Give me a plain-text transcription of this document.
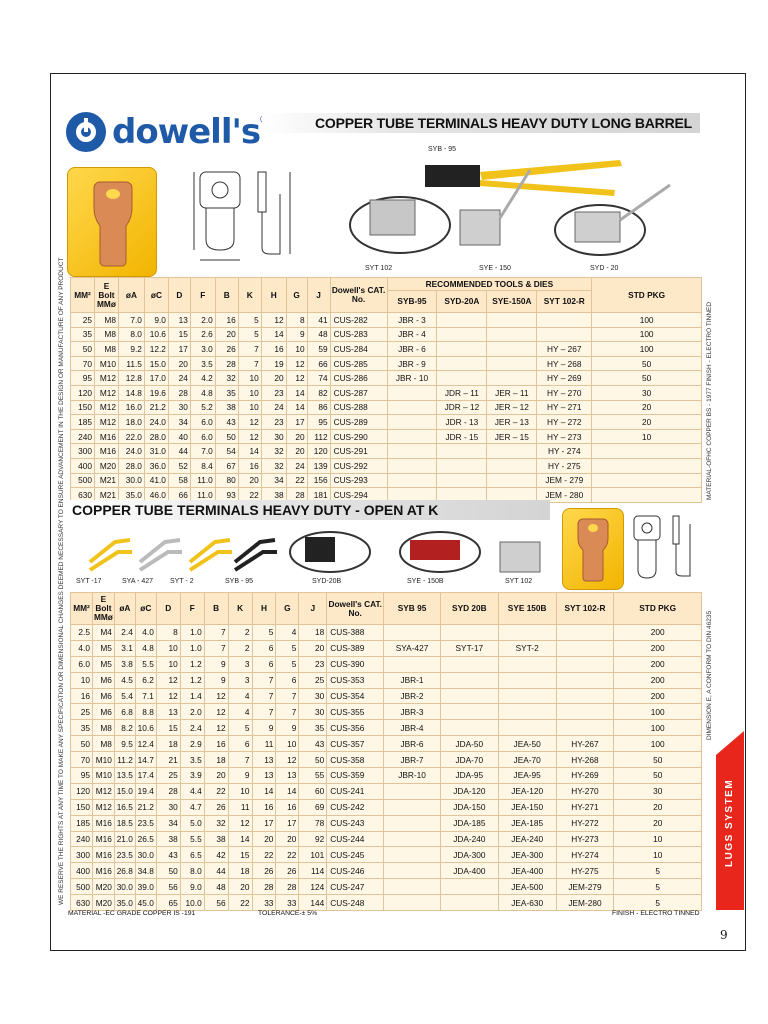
dowell's	COPPER TUBE TERMINALS HEAVY DUTY LONG BARREL
SYB - 95
SYT 102	SYE - 150	SYD - 20
MM²	E Bolt MMø	øA	øC	D	F	B	K	H	G	J	Dowell's CAT. No.	RECOMMENDED TOOLS & DIES				STD PKG
												SYB-95	SYD-20A	SYE-150A	SYT 102-R	
25	M8	7.0	9.0	13	2.0	16	5	12	8	41	CUS-282	JBR - 3				100
35	M8	8.0	10.6	15	2.6	20	5	14	9	48	CUS-283	JBR - 4				100
50	M8	9.2	12.2	17	3.0	26	7	16	10	59	CUS-284	JBR - 6			HY – 267	100
70	M10	11.5	15.0	20	3.5	28	7	19	12	66	CUS-285	JBR - 9			HY – 268	50
95	M12	12.8	17.0	24	4.2	32	10	20	12	74	CUS-286	JBR - 10			HY – 269	50
120	M12	14.8	19.6	28	4.8	35	10	23	14	82	CUS-287		JDR – 11	JER – 11	HY – 270	30
150	M12	16.0	21.2	30	5.2	38	10	24	14	86	CUS-288		JDR – 12	JER – 12	HY – 271	20
185	M12	18.0	24.0	34	6.0	43	12	23	17	95	CUS-289		JDR - 13	JER – 13	HY – 272	20
240	M16	22.0	28.0	40	6.0	50	12	30	20	112	CUS-290		JDR - 15	JER – 15	HY – 273	10
300	M16	24.0	31.0	44	7.0	54	14	32	20	120	CUS-291				HY - 274	
400	M20	28.0	36.0	52	8.4	67	16	32	24	139	CUS-292				HY - 275	
500	M21	30.0	41.0	58	11.0	80	20	34	22	156	CUS-293				JEM - 279	
630	M21	35.0	46.0	66	11.0	93	22	38	28	181	CUS-294				JEM - 280	
COPPER TUBE TERMINALS HEAVY DUTY - OPEN AT K
SYT -17	SYA - 427 SYT - 2	SYB - 95	SYD-20B	SYE - 150B	SYT 102
MM²	E Bolt MMø	øA	øC	D	F	B	K	H	G	J	Dowell's CAT. No.	SYB 95	SYD 20B	SYE 150B	SYT 102-R	STD PKG
2.5	M4	2.4	4.0	8	1.0	7	2	5	4	18	CUS-388					200
4.0	M5	3.1	4.8	10	1.0	7	2	6	5	20	CUS-389	SYA-427	SYT-17	SYT-2		200
6.0	M5	3.8	5.5	10	1.2	9	3	6	5	23	CUS-390					200
10	M6	4.5	6.2	12	1.2	9	3	7	6	25	CUS-353	JBR-1				200
16	M6	5.4	7.1	12	1.4	12	4	7	7	30	CUS-354	JBR-2				200
25	M6	6.8	8.8	13	2.0	12	4	7	7	30	CUS-355	JBR-3				100
35	M8	8.2	10.6	15	2.4	12	5	9	9	35	CUS-356	JBR-4				100
50	M8	9.5	12.4	18	2.9	16	6	11	10	43	CUS-357	JBR-6	JDA-50	JEA-50	HY-267	100
70	M10	11.2	14.7	21	3.5	18	7	13	12	50	CUS-358	JBR-7	JDA-70	JEA-70	HY-268	50
95	M10	13.5	17.4	25	3.9	20	9	13	13	55	CUS-359	JBR-10	JDA-95	JEA-95	HY-269	50
120	M12	15.0	19.4	28	4.4	22	10	14	14	60	CUS-241		JDA-120	JEA-120	HY-270	30
150	M12	16.5	21.2	30	4.7	26	11	16	16	69	CUS-242		JDA-150	JEA-150	HY-271	20
185	M16	18.5	23.5	34	5.0	32	12	17	17	78	CUS-243		JDA-185	JEA-185	HY-272	20
240	M16	21.0	26.5	38	5.5	38	14	20	20	92	CUS-244		JDA-240	JEA-240	HY-273	10
300	M16	23.5	30.0	43	6.5	42	15	22	22	101	CUS-245		JDA-300	JEA-300	HY-274	10
400	M16	26.8	34.8	50	8.0	44	18	26	26	114	CUS-246		JDA-400	JEA-400	HY-275	5
500	M20	30.0	39.0	56	9.0	48	20	28	28	124	CUS-247			JEA-500	JEM-279	5
630	M20	35.0	45.0	65	10.0	56	22	33	33	144	CUS-248			JEA-630	JEM-280	5
MATERIAL -EC GRADE COPPER IS -191	TOLERANCE-± 5%	FINISH - ELECTRO TINNED
WE RESERVE THE RIGHTS AT ANY TIME TO MAKE ANY SPECIFICATION OR DIMENSIONAL CHANGES DEEMED NECESSARY TO ENSURE ADVANCEMENT IN THE DESIGN OR MANUFACTURE OF ANY PRODUCT	MATERIAL-OFHC COPPER BS - 1977 FINISH - ELECTRO TINNED
DIMENSION E, A CONFORM TO DIN 46235
LUGS SYSTEM
9
